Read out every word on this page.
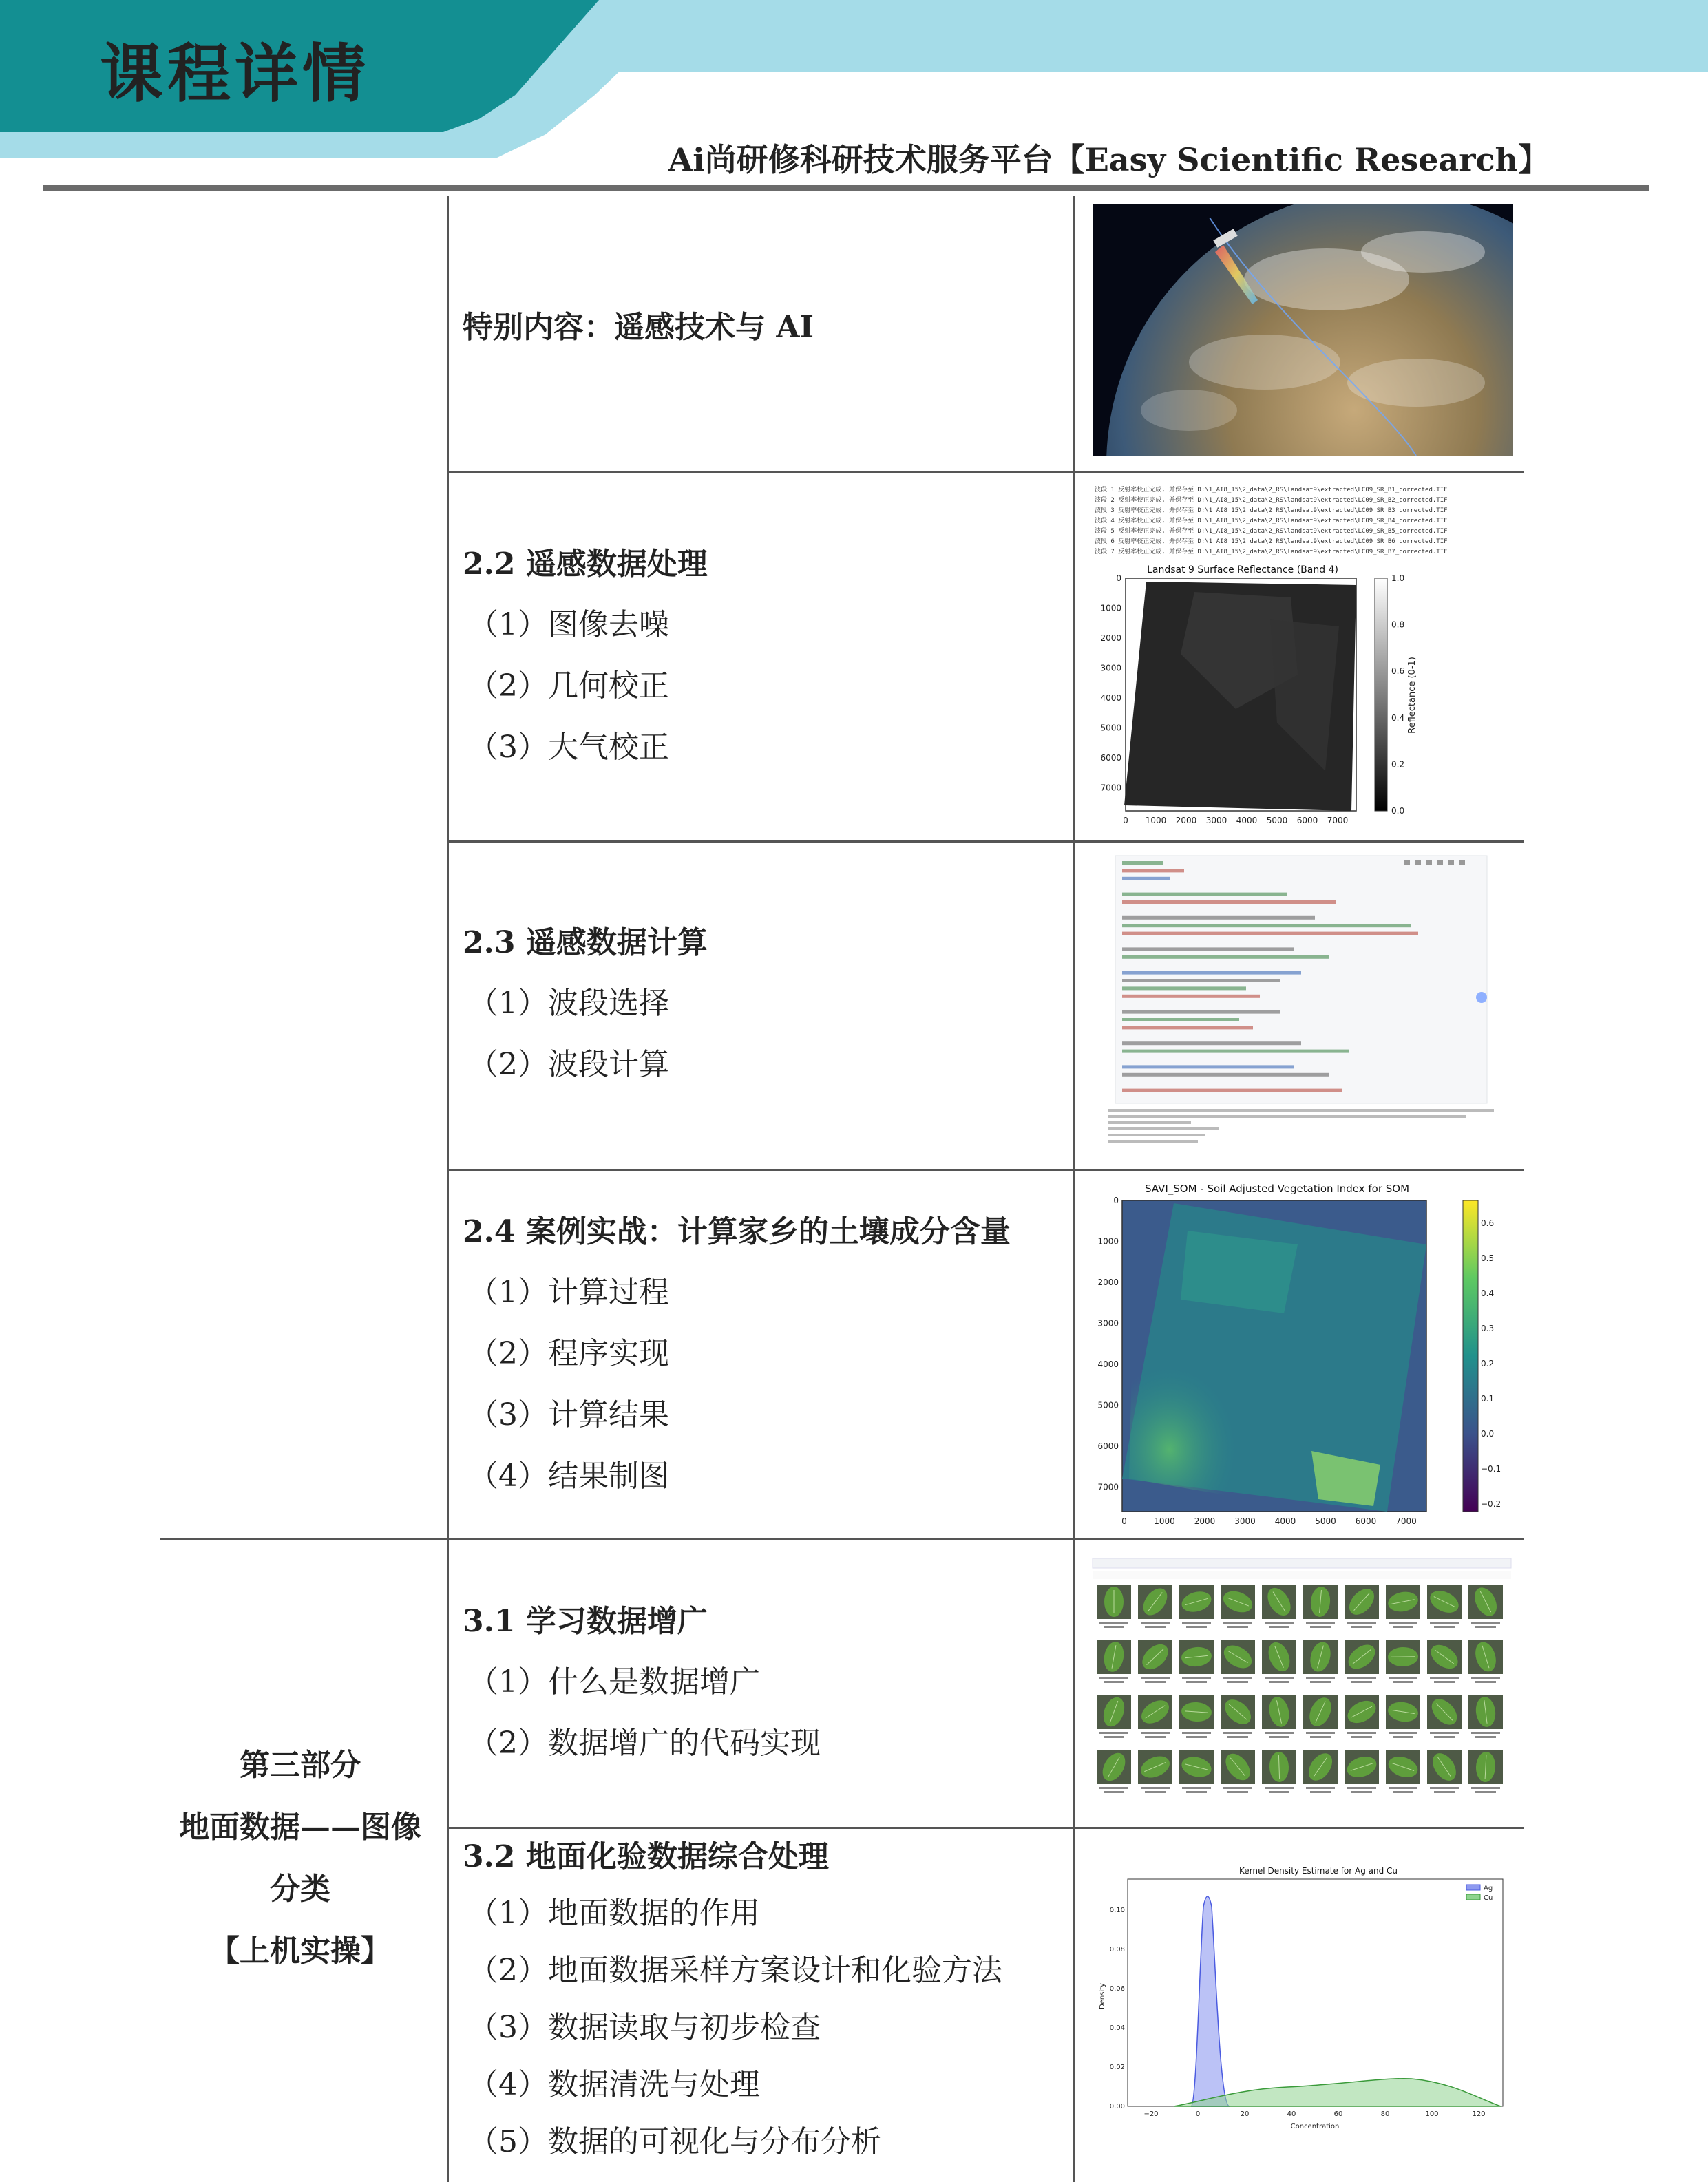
课程详情
Ai尚研修科研技术服务平台【Easy Scientific Research】

特别内容：遥感技术与 AI

2.2 遥感数据处理

（1）图像去噪

（2）几何校正

（3）大气校正

2.3 遥感数据计算

（1）波段选择

（2）波段计算

2.4 案例实战：计算家乡的土壤成分含量

（1）计算过程

（2）程序实现

（3）计算结果

（4）结果制图

3.1 学习数据增广

（1）什么是数据增广

（2）数据增广的代码实现

3.2 地面化验数据综合处理

（1）地面数据的作用

（2）地面数据采样方案设计和化验方法

（3）数据读取与初步检查

（4）数据清洗与处理

（5）数据的可视化与分布分析

第三部分

地面数据——图像

分类

【上机实操】

波段 1 反射率校正完成, 并保存至 D:\1_AI8_15\2_data\2_RS\landsat9\extracted\LC09_SR_B1_corrected.TIF
波段 2 反射率校正完成, 并保存至 D:\1_AI8_15\2_data\2_RS\landsat9\extracted\LC09_SR_B2_corrected.TIF
波段 3 反射率校正完成, 并保存至 D:\1_AI8_15\2_data\2_RS\landsat9\extracted\LC09_SR_B3_corrected.TIF
波段 4 反射率校正完成, 并保存至 D:\1_AI8_15\2_data\2_RS\landsat9\extracted\LC09_SR_B4_corrected.TIF
波段 5 反射率校正完成, 并保存至 D:\1_AI8_15\2_data\2_RS\landsat9\extracted\LC09_SR_B5_corrected.TIF
波段 6 反射率校正完成, 并保存至 D:\1_AI8_15\2_data\2_RS\landsat9\extracted\LC09_SR_B6_corrected.TIF
波段 7 反射率校正完成, 并保存至 D:\1_AI8_15\2_data\2_RS\landsat9\extracted\LC09_SR_B7_corrected.TIF
Landsat 9 Surface Reflectance (Band 4)
0
1000
2000
3000
4000
5000
6000
7000
0 1000 2000 3000 4000 5000 6000 7000
1.0
0.8
0.6
0.4
0.2
0.0
Reflectance (0-1)
SAVI_SOM - Soil Adjusted Vegetation Index for SOM
0
1000
2000
3000
4000
5000
6000
7000
0	1000 2000 3000 4000 5000 6000 7000
0.6
0.5
0.4
0.3
0.2
0.1
0.0
−0.1
−0.2
Kernel Density Estimate for Ag and Cu
0.00
0.02
0.04
0.06
0.08
0.10
−20	0	20	40	60	80	100	120
Ag
Cu
Concentration
Density
